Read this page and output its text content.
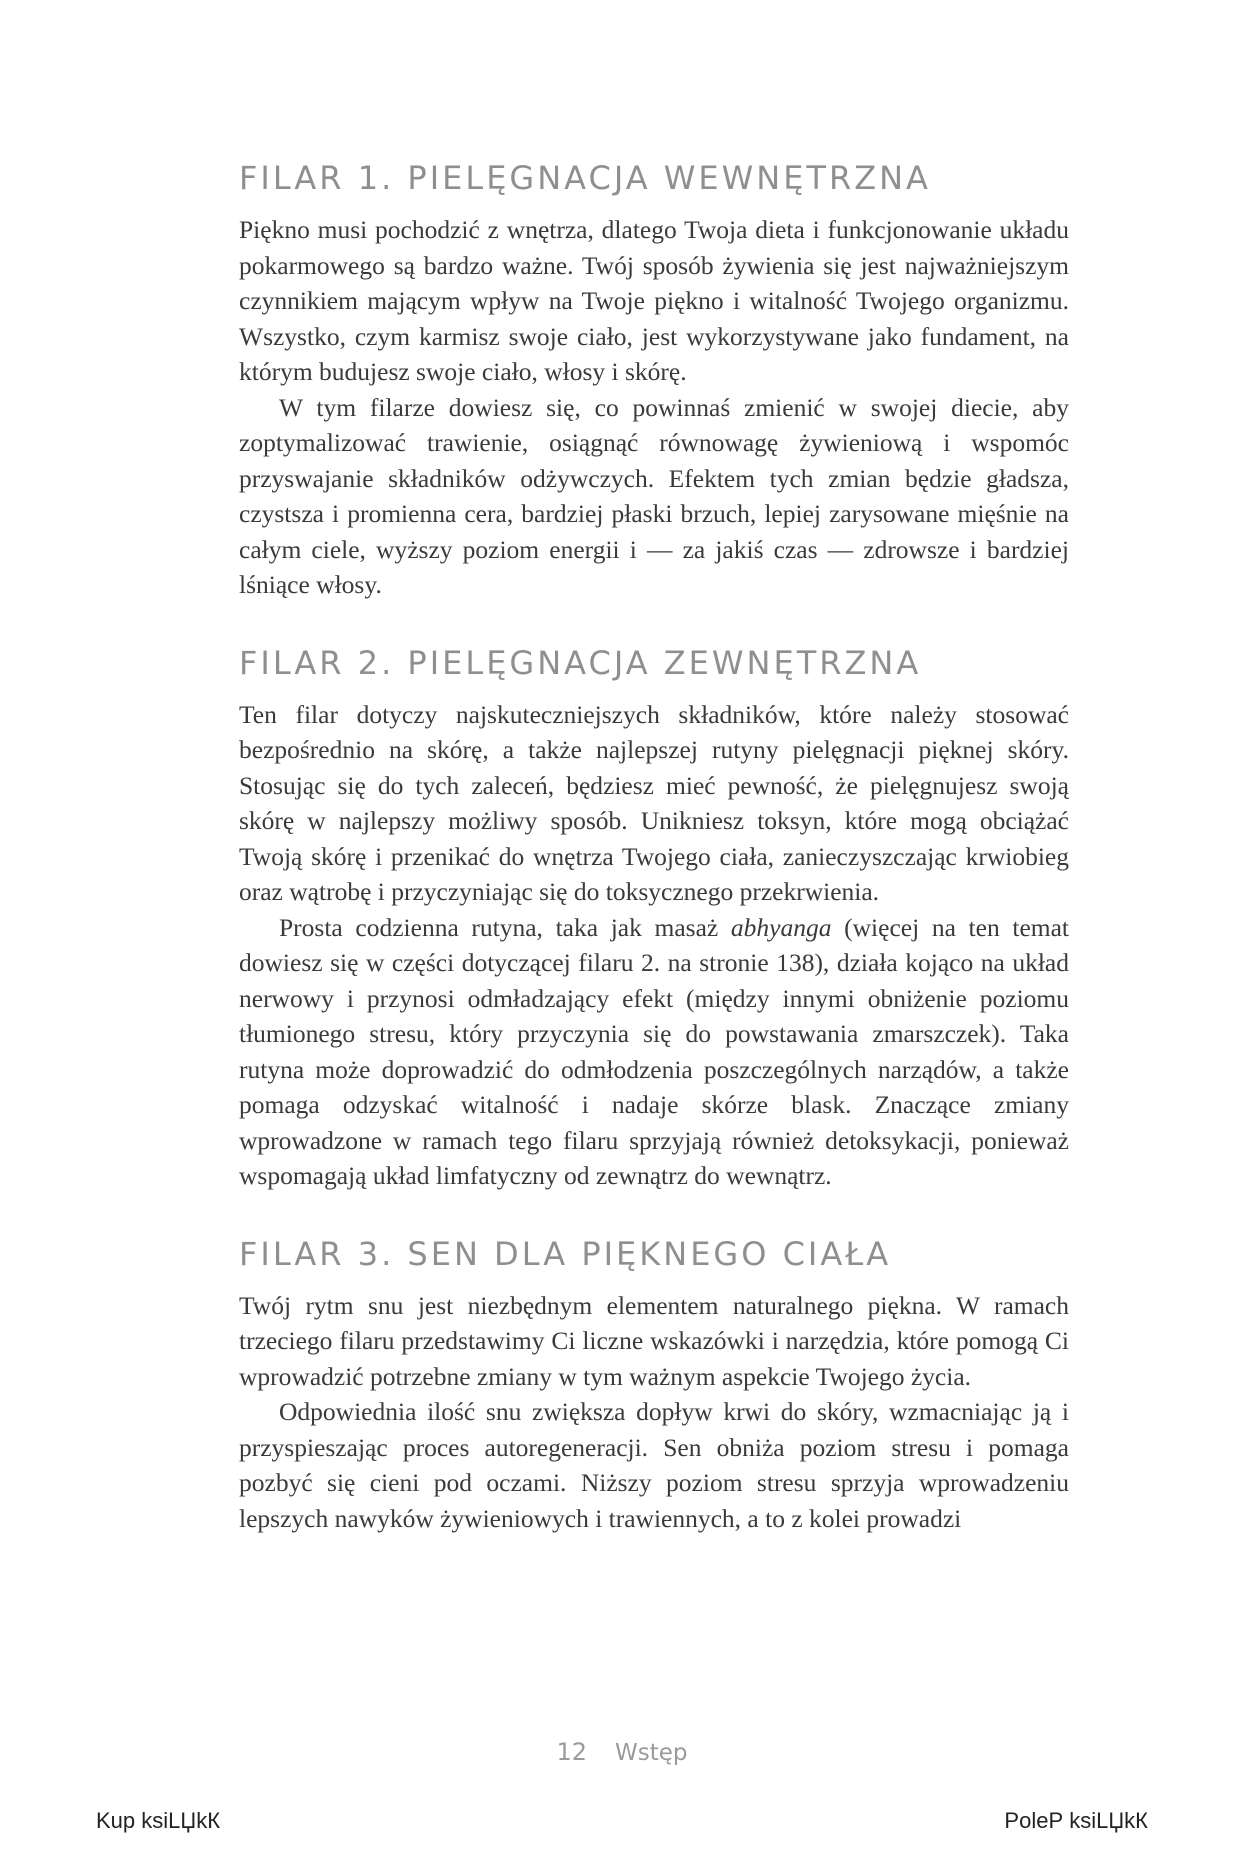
FILAR 1. PIELĘGNACJA WEWNĘTRZNA

Piękno musi pochodzić z wnętrza, dlatego Twoja dieta i funkcjonowanie układu pokarmowego są bardzo ważne. Twój sposób żywienia się jest najważniejszym czynnikiem mającym wpływ na Twoje piękno i witalność Twojego organizmu. Wszystko, czym karmisz swoje ciało, jest wykorzystywane jako fundament, na którym budujesz swoje ciało, włosy i skórę.

W tym filarze dowiesz się, co powinnaś zmienić w swojej diecie, aby zoptymalizować trawienie, osiągnąć równowagę żywieniową i wspomóc przyswajanie składników odżywczych. Efektem tych zmian będzie gładsza, czystsza i promienna cera, bardziej płaski brzuch, lepiej zarysowane mięśnie na całym ciele, wyższy poziom energii i — za jakiś czas — zdrowsze i bardziej lśniące włosy.

FILAR 2. PIELĘGNACJA ZEWNĘTRZNA

Ten filar dotyczy najskuteczniejszych składników, które należy stosować bezpośrednio na skórę, a także najlepszej rutyny pielęgnacji pięknej skóry. Stosując się do tych zaleceń, będziesz mieć pewność, że pielęgnujesz swoją skórę w najlepszy możliwy sposób. Unikniesz toksyn, które mogą obciążać Twoją skórę i przenikać do wnętrza Twojego ciała, zanieczyszczając krwiobieg oraz wątrobę i przyczyniając się do toksycznego przekrwienia.

Prosta codzienna rutyna, taka jak masaż abhyanga (więcej na ten temat dowiesz się w części dotyczącej filaru 2. na stronie 138), działa kojąco na układ nerwowy i przynosi odmładzający efekt (między innymi obniżenie poziomu tłumionego stresu, który przyczynia się do powstawania zmarszczek). Taka rutyna może doprowadzić do odmłodzenia poszczególnych narządów, a także pomaga odzyskać witalność i nadaje skórze blask. Znaczące zmiany wprowadzone w ramach tego filaru sprzyjają również detoksykacji, ponieważ wspomagają układ limfatyczny od zewnątrz do wewnątrz.

FILAR 3. SEN DLA PIĘKNEGO CIAŁA

Twój rytm snu jest niezbędnym elementem naturalnego piękna. W ramach trzeciego filaru przedstawimy Ci liczne wskazówki i narzędzia, które pomogą Ci wprowadzić potrzebne zmiany w tym ważnym aspekcie Twojego życia.

Odpowiednia ilość snu zwiększa dopływ krwi do skóry, wzmacniając ją i przyspieszając proces autoregeneracji. Sen obniża poziom stresu i pomaga pozbyć się cieni pod oczami. Niższy poziom stresu sprzyja wprowadzeniu lepszych nawyków żywieniowych i trawiennych, a to z kolei prowadzi

12 Wstęp
Kup ksiLЏkК	PoleР ksiLЏkК
